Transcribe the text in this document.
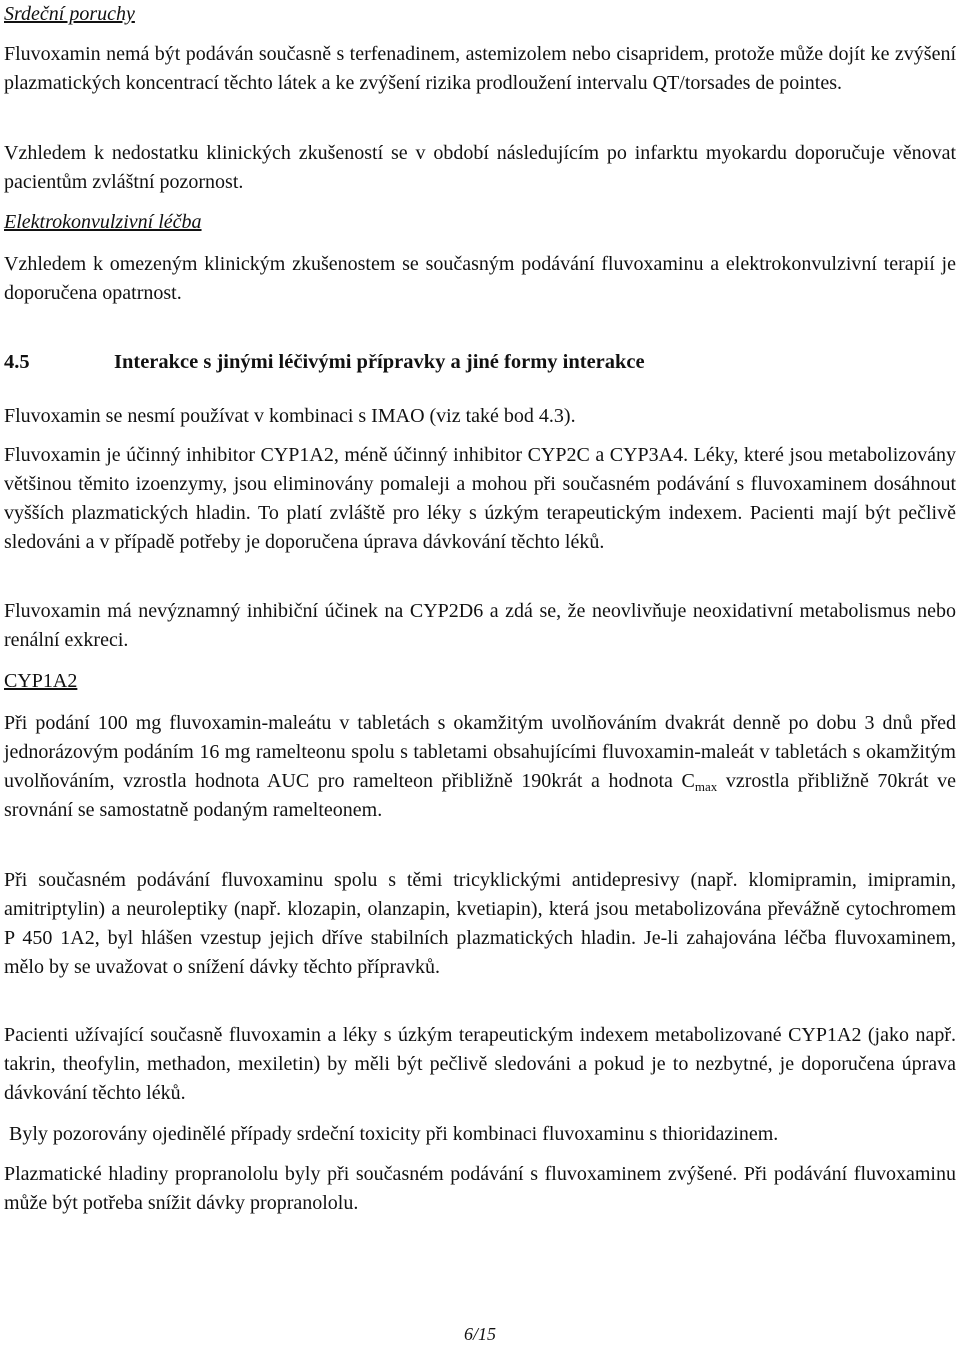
Srdeční poruchy

Fluvoxamin nemá být podáván současně s terfenadinem, astemizolem nebo cisapridem, protože může dojít ke zvýšení plazmatických koncentrací těchto látek a ke zvýšení rizika prodloužení intervalu QT/torsades de pointes.

Vzhledem k nedostatku klinických zkušeností se v období následujícím po infarktu myokardu doporučuje věnovat pacientům zvláštní pozornost.

Elektrokonvulzivní léčba

Vzhledem k omezeným klinickým zkušenostem se současným podávání fluvoxaminu a elektrokonvulzivní terapií je doporučena opatrnost.

4.5	Interakce s jinými léčivými přípravky a jiné formy interakce

Fluvoxamin se nesmí používat v kombinaci s IMAO (viz také bod 4.3).

Fluvoxamin je účinný inhibitor CYP1A2, méně účinný inhibitor CYP2C a CYP3A4. Léky, které jsou metabolizovány většinou těmito izoenzymy, jsou eliminovány pomaleji a mohou při současném podávání s fluvoxaminem dosáhnout vyšších plazmatických hladin. To platí zvláště pro léky s úzkým terapeutickým indexem. Pacienti mají být pečlivě sledováni a v případě potřeby je doporučena úprava dávkování těchto léků.

Fluvoxamin má nevýznamný inhibiční účinek na CYP2D6 a zdá se, že neovlivňuje neoxidativní metabolismus nebo renální exkreci.

CYP1A2

Při podání 100 mg fluvoxamin-maleátu v tabletách s okamžitým uvolňováním dvakrát denně po dobu 3 dnů před jednorázovým podáním 16 mg ramelteonu spolu s tabletami obsahujícími fluvoxamin-maleát v tabletách s okamžitým uvolňováním, vzrostla hodnota AUC pro ramelteon přibližně 190krát a hodnota $C_{max}$ vzrostla přibližně 70krát ve srovnání se samostatně podaným ramelteonem.

Při současném podávání fluvoxaminu spolu s těmi tricyklickými antidepresivy (např. klomipramin, imipramin, amitriptylin) a neuroleptiky (např. klozapin, olanzapin, kvetiapin), která jsou metabolizována převážně cytochromem P 450 1A2, byl hlášen vzestup jejich dříve stabilních plazmatických hladin. Je-li zahajována léčba fluvoxaminem, mělo by se uvažovat o snížení dávky těchto přípravků.

Pacienti užívající současně fluvoxamin a léky s úzkým terapeutickým indexem metabolizované CYP1A2 (jako např. takrin, theofylin, methadon, mexiletin) by měli být pečlivě sledováni a pokud je to nezbytné, je doporučena úprava dávkování těchto léků.

Byly pozorovány ojedinělé případy srdeční toxicity při kombinaci fluvoxaminu s thioridazinem.

Plazmatické hladiny propranololu byly při současném podávání s fluvoxaminem zvýšené. Při podávání fluvoxaminu může být potřeba snížit dávky propranololu.

6/15
